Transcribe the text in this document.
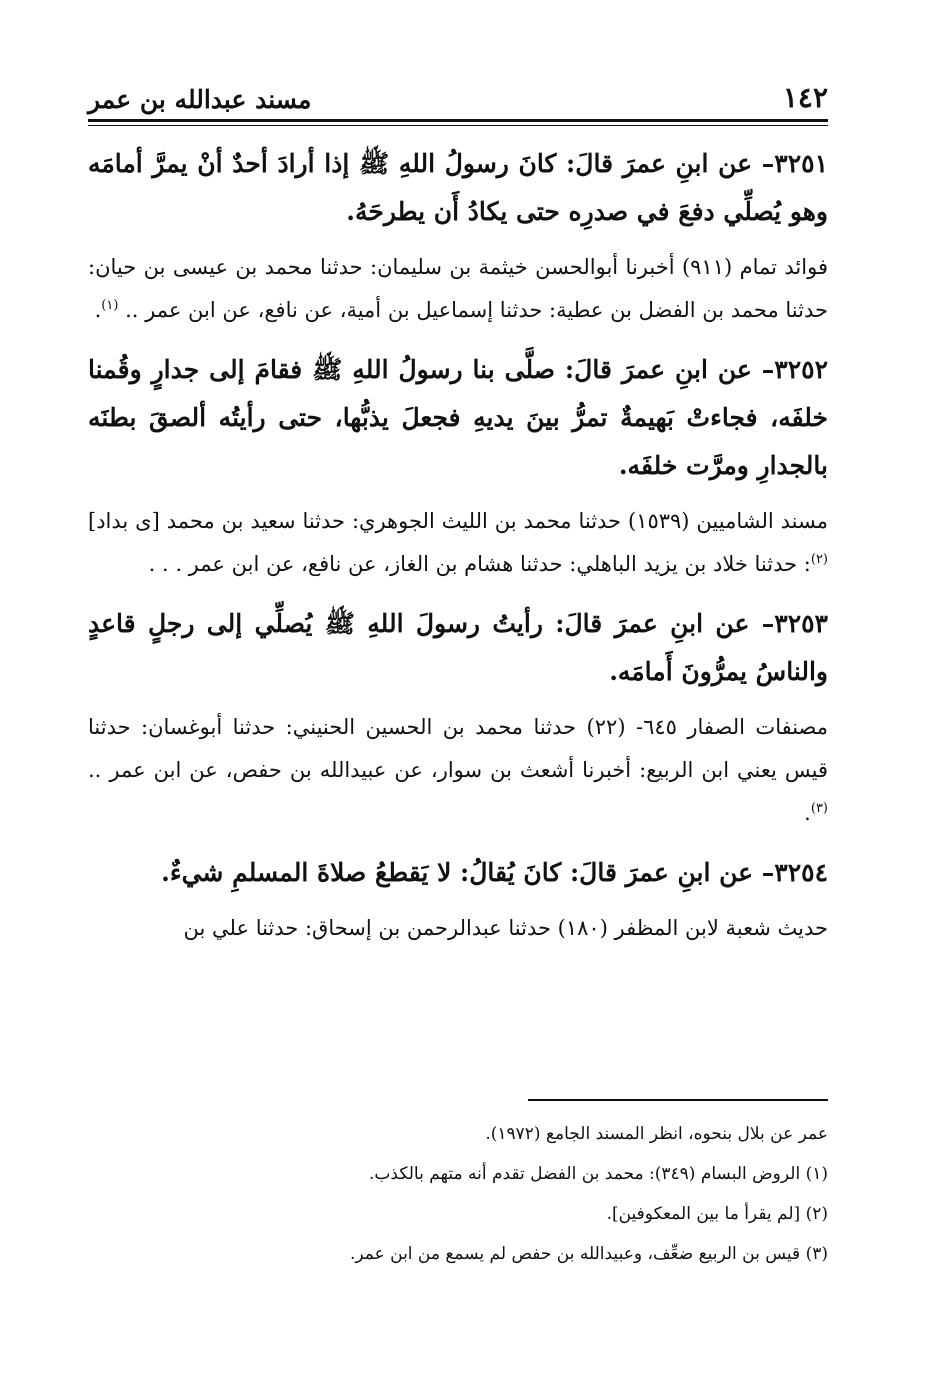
١٤٢
مسند عبدالله بن عمر

٣٢٥١– عن ابنِ عمرَ قالَ: كانَ رسولُ اللهِ ﷺ إذا أرادَ أحدٌ أنْ يمرَّ أمامَه وهو يُصلِّي دفعَ في صدرِه حتى يكادُ أَن يطرحَهُ.

فوائد تمام (٩١١) أخبرنا أبوالحسن خيثمة بن سليمان: حدثنا محمد بن عيسى بن حيان: حدثنا محمد بن الفضل بن عطية: حدثنا إسماعيل بن أمية، عن نافع، عن ابن عمر .. $^{(١)}$.

٣٢٥٢– عن ابنِ عمرَ قالَ: صلَّى بنا رسولُ اللهِ ﷺ فقامَ إلى جدارٍ وقُمنا خلفَه، فجاءتْ بَهيمةٌ تمرُّ بينَ يديهِ فجعلَ يذبُّها، حتى رأيتُه ألصقَ بطنَه بالجدارِ ومرَّت خلفَه.

مسند الشاميين (١٥٣٩) حدثنا محمد بن الليث الجوهري: حدثنا سعيد بن محمد [ى بداد]$^{(٢)}$: حدثنا خلاد بن يزيد الباهلي: حدثنا هشام بن الغاز، عن نافع، عن ابن عمر . . .

٣٢٥٣– عن ابنِ عمرَ قالَ: رأيتُ رسولَ اللهِ ﷺ يُصلِّي إلى رجلٍ قاعدٍ والناسُ يمرُّونَ أَمامَه.

مصنفات الصفار ٦٤٥- (٢٢) حدثنا محمد بن الحسين الحنيني: حدثنا أبوغسان: حدثنا قيس يعني ابن الربيع: أخبرنا أشعث بن سوار، عن عبيدالله بن حفص، عن ابن عمر .. $^{(٣)}$.

٣٢٥٤– عن ابنِ عمرَ قالَ: كانَ يُقالُ: لا يَقطعُ صلاةَ المسلمِ شيءٌ.

حديث شعبة لابن المظفر (١٨٠) حدثنا عبدالرحمن بن إسحاق: حدثنا علي بن

عمر عن بلال بنحوه، انظر المسند الجامع (١٩٧٢).

(١) الروض البسام (٣٤٩): محمد بن الفضل تقدم أنه متهم بالكذب.

(٢) [لم يقرأ ما بين المعكوفين].

(٣) قيس بن الربيع ضعِّف، وعبيدالله بن حفص لم يسمع من ابن عمر.
